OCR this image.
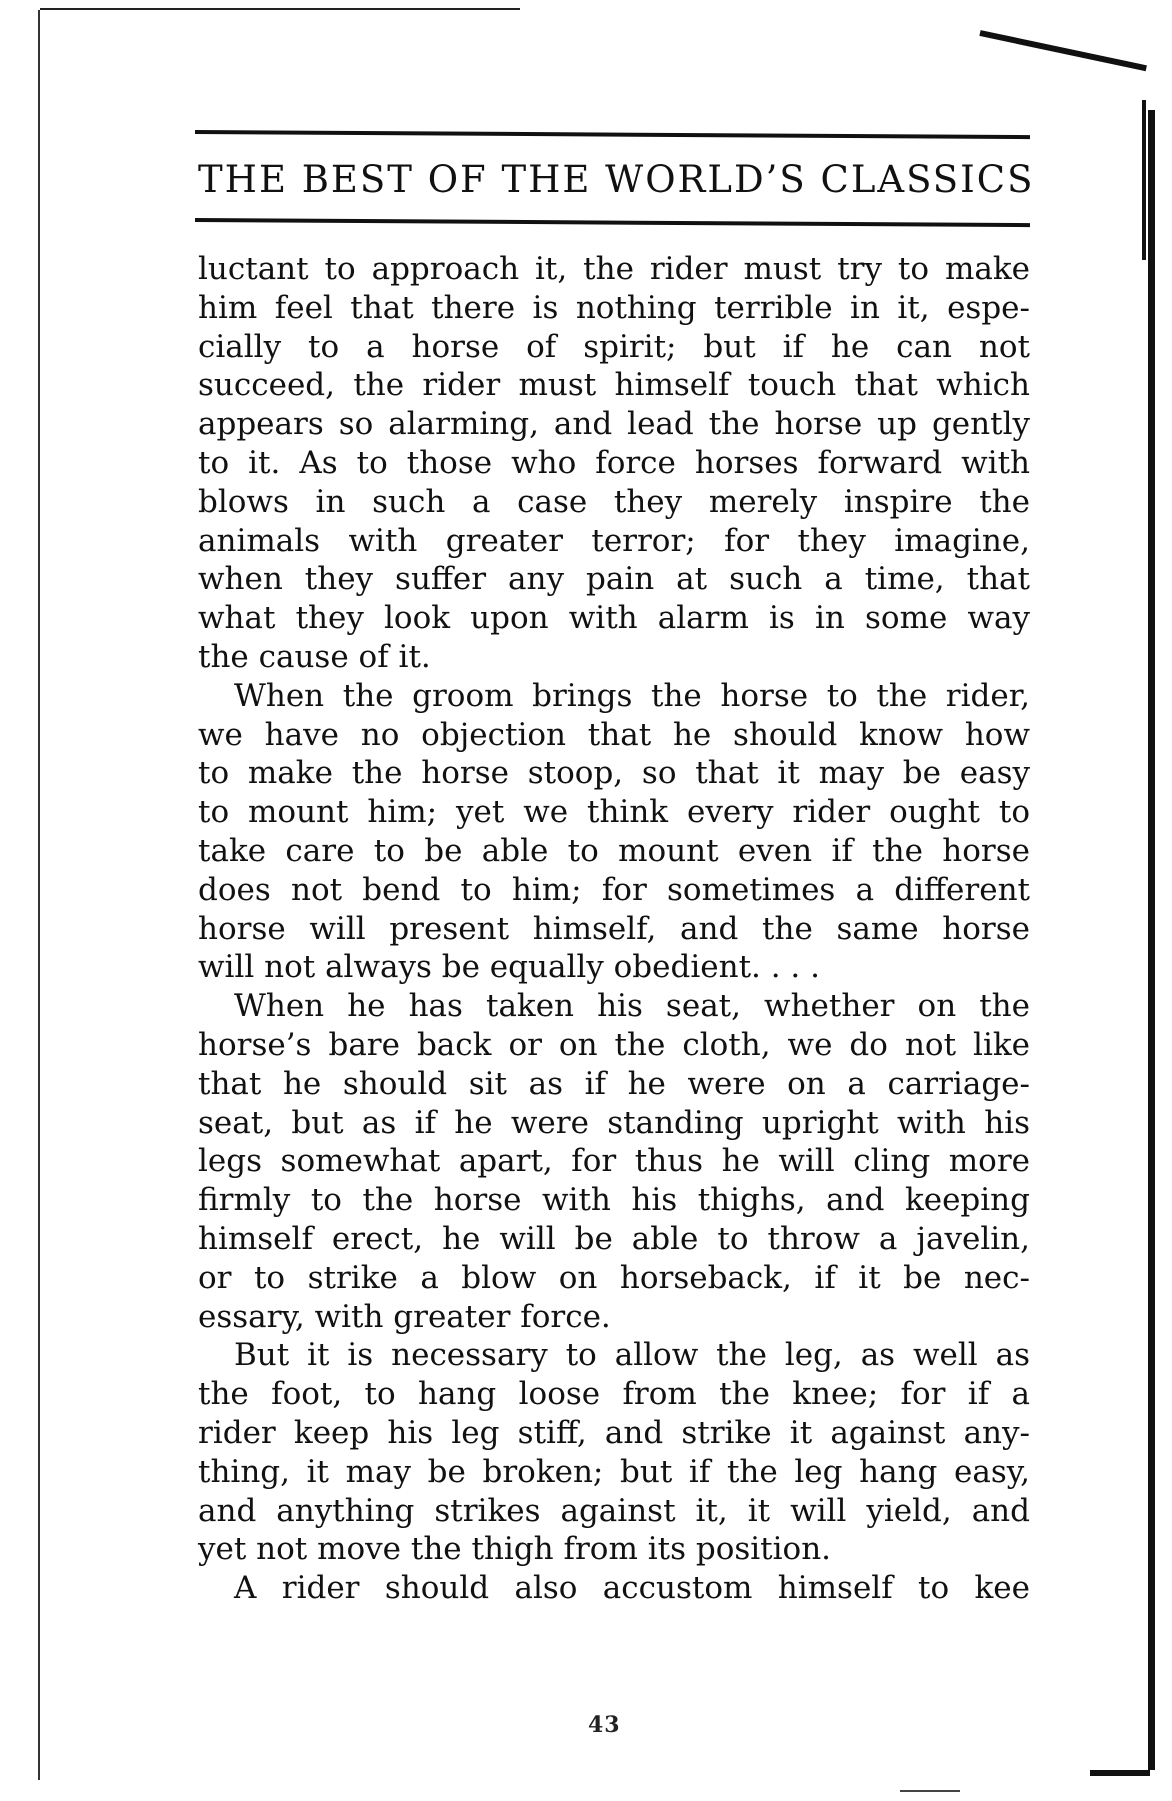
THE BEST OF THE WORLD’S CLASSICS
luctant to approach it, the rider must try to make
him feel that there is nothing terrible in it, espe-
cially to a horse of spirit; but if he can not
succeed, the rider must himself touch that which
appears so alarming, and lead the horse up gently
to it. As to those who force horses forward with
blows in such a case they merely inspire the
animals with greater terror; for they imagine,
when they suffer any pain at such a time, that
what they look upon with alarm is in some way
the cause of it.
When the groom brings the horse to the rider,
we have no objection that he should know how
to make the horse stoop, so that it may be easy
to mount him; yet we think every rider ought to
take care to be able to mount even if the horse
does not bend to him; for sometimes a different
horse will present himself, and the same horse
will not always be equally obedient. . . .
When he has taken his seat, whether on the
horse’s bare back or on the cloth, we do not like
that he should sit as if he were on a carriage-
seat, but as if he were standing upright with his
legs somewhat apart, for thus he will cling more
firmly to the horse with his thighs, and keeping
himself erect, he will be able to throw a javelin,
or to strike a blow on horseback, if it be nec-
essary, with greater force.
But it is necessary to allow the leg, as well as
the foot, to hang loose from the knee; for if a
rider keep his leg stiff, and strike it against any-
thing, it may be broken; but if the leg hang easy,
and anything strikes against it, it will yield, and
yet not move the thigh from its position.
A rider should also accustom himself to kee
43
